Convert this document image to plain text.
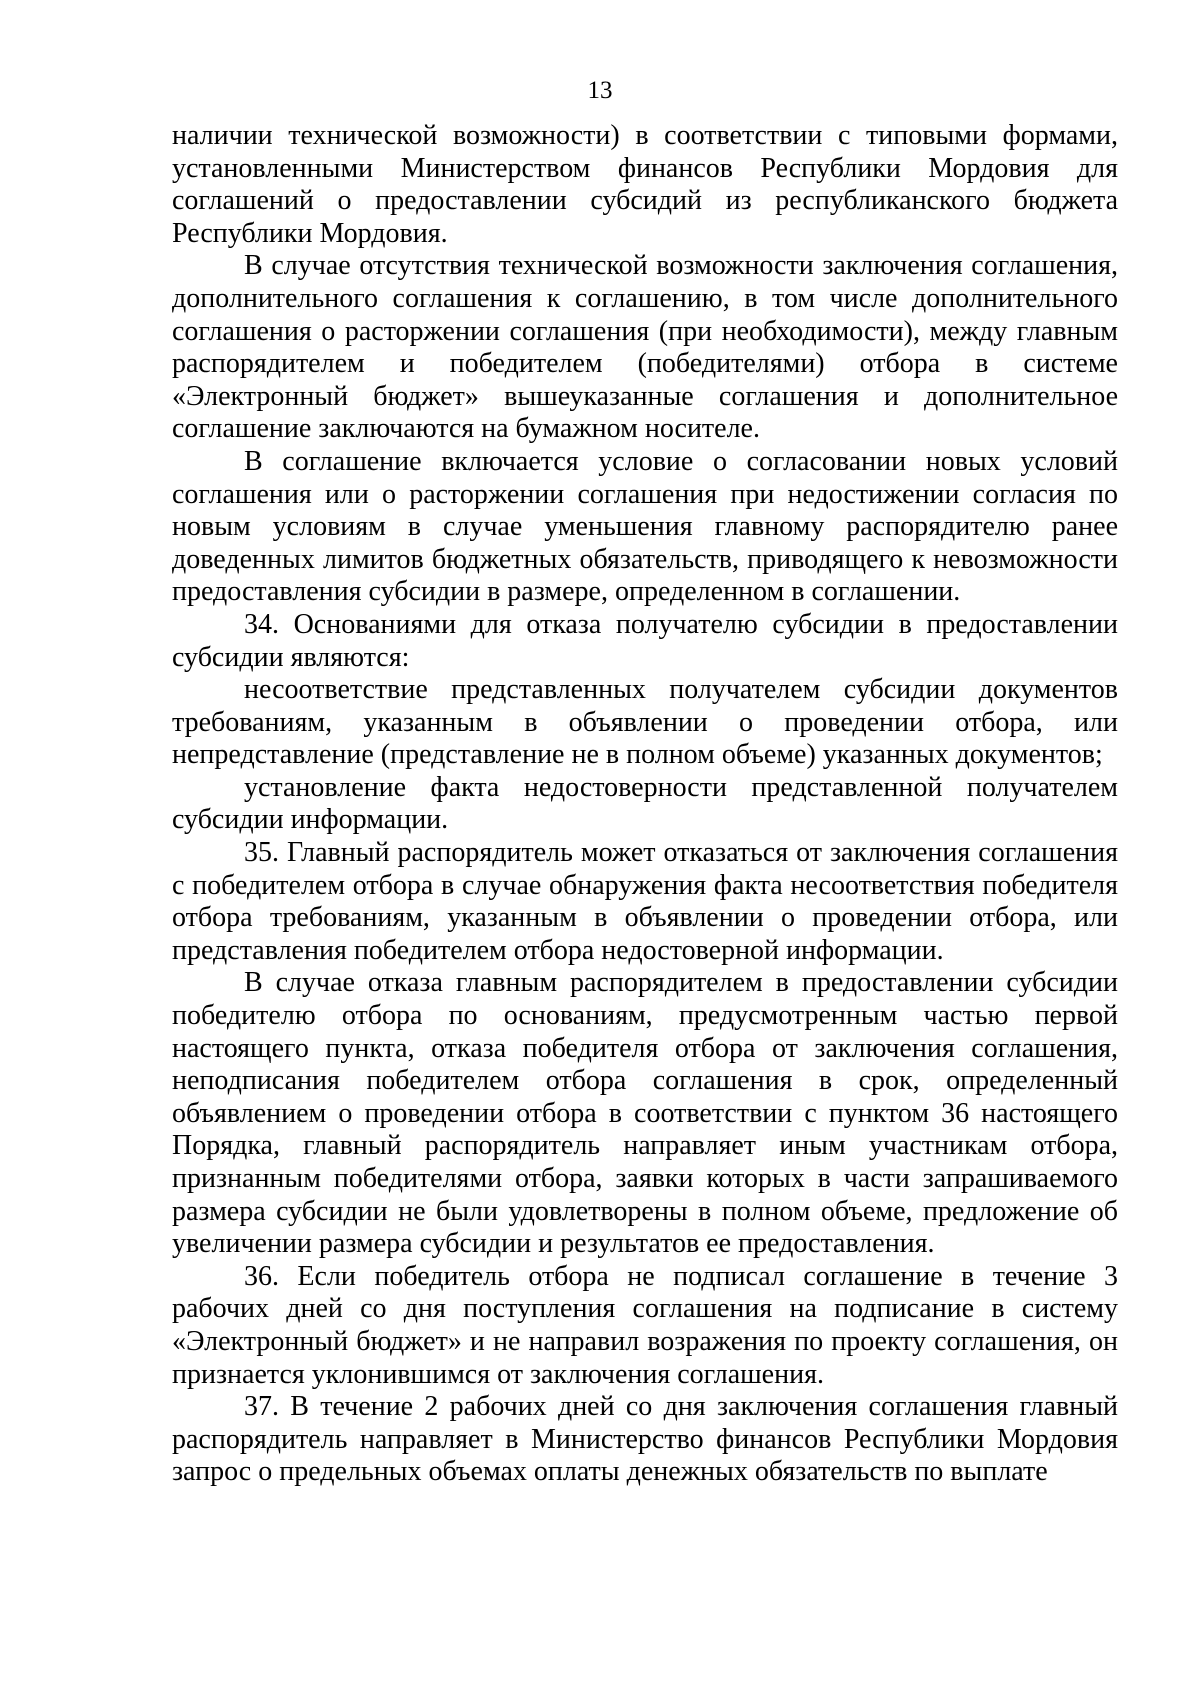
13

наличии технической возможности) в соответствии с типовыми формами, установленными Министерством финансов Республики Мордовия для соглашений о предоставлении субсидий из республиканского бюджета Республики Мордовия.

В случае отсутствия технической возможности заключения соглашения, дополнительного соглашения к соглашению, в том числе дополнительного соглашения о расторжении соглашения (при необходимости), между главным распорядителем и победителем (победителями) отбора в системе «Электронный бюджет» вышеуказанные соглашения и дополнительное соглашение заключаются на бумажном носителе.

В соглашение включается условие о согласовании новых условий соглашения или о расторжении соглашения при недостижении согласия по новым условиям в случае уменьшения главному распорядителю ранее доведенных лимитов бюджетных обязательств, приводящего к невозможности предоставления субсидии в размере, определенном в соглашении.

34. Основаниями для отказа получателю субсидии в предоставлении субсидии являются:

несоответствие представленных получателем субсидии документов требованиям, указанным в объявлении о проведении отбора, или непредставление (представление не в полном объеме) указанных документов;

установление факта недостоверности представленной получателем субсидии информации.

35. Главный распорядитель может отказаться от заключения соглашения с победителем отбора в случае обнаружения факта несоответствия победителя отбора требованиям, указанным в объявлении о проведении отбора, или представления победителем отбора недостоверной информации.

В случае отказа главным распорядителем в предоставлении субсидии победителю отбора по основаниям, предусмотренным частью первой настоящего пункта, отказа победителя отбора от заключения соглашения, неподписания победителем отбора соглашения в срок, определенный объявлением о проведении отбора в соответствии с пунктом 36 настоящего Порядка, главный распорядитель направляет иным участникам отбора, признанным победителями отбора, заявки которых в части запрашиваемого размера субсидии не были удовлетворены в полном объеме, предложение об увеличении размера субсидии и результатов ее предоставления.

36. Если победитель отбора не подписал соглашение в течение 3 рабочих дней со дня поступления соглашения на подписание в систему «Электронный бюджет» и не направил возражения по проекту соглашения, он признается уклонившимся от заключения соглашения.

37. В течение 2 рабочих дней со дня заключения соглашения главный распорядитель направляет в Министерство финансов Республики Мордовия запрос о предельных объемах оплаты денежных обязательств по выплате
